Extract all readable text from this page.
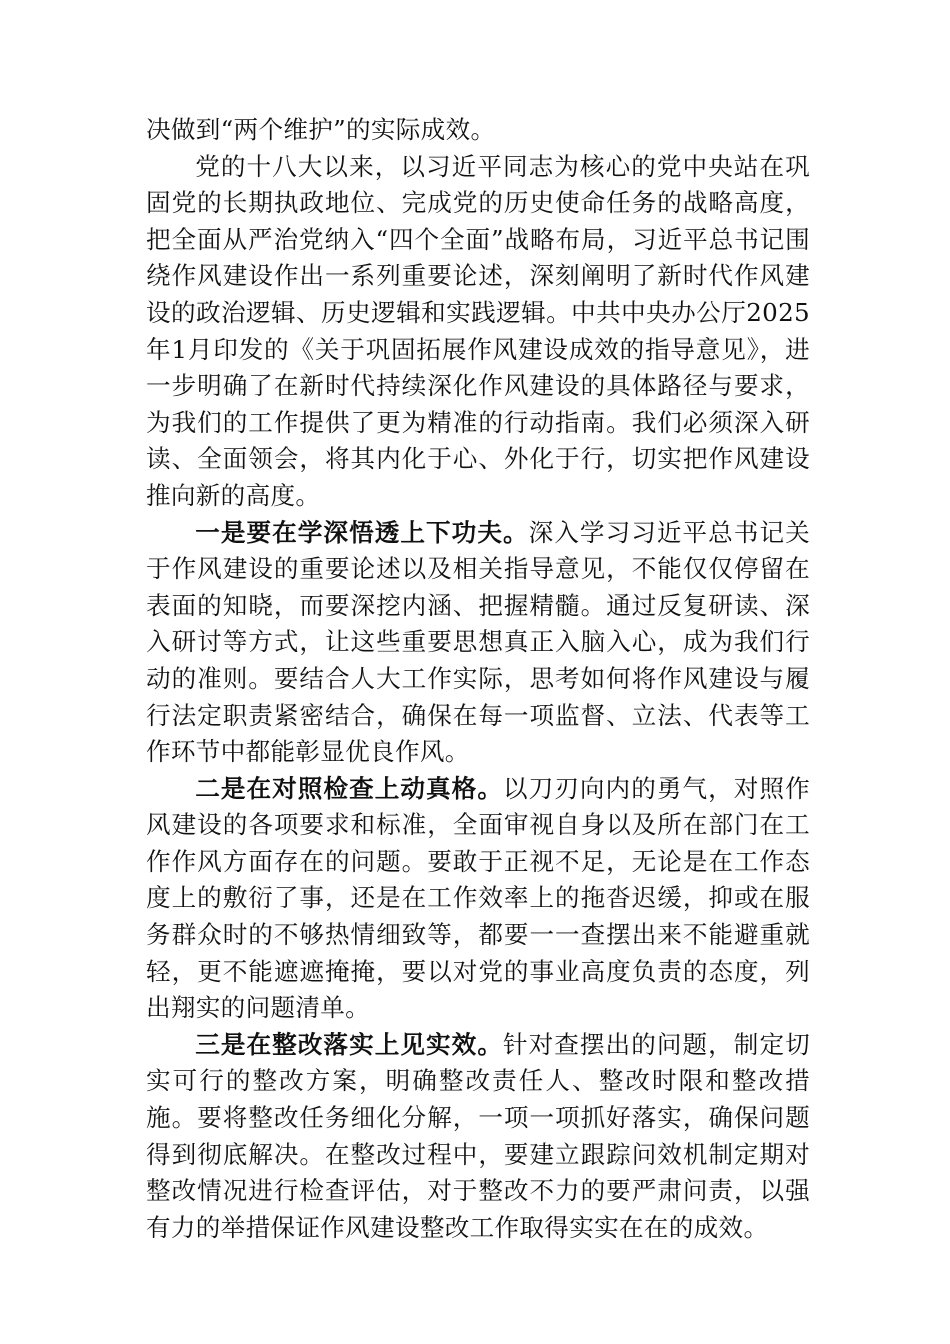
决做到“两个维护”的实际成效。

党的十八大以来，以习近平同志为核心的党中央站在巩固党的长期执政地位、完成党的历史使命任务的战略高度，把全面从严治党纳入“四个全面”战略布局，习近平总书记围绕作风建设作出一系列重要论述，深刻阐明了新时代作风建设的政治逻辑、历史逻辑和实践逻辑。中共中央办公厅2025年1月印发的《关于巩固拓展作风建设成效的指导意见》，进一步明确了在新时代持续深化作风建设的具体路径与要求，为我们的工作提供了更为精准的行动指南。我们必须深入研读、全面领会，将其内化于心、外化于行，切实把作风建设推向新的高度。

一是要在学深悟透上下功夫。深入学习习近平总书记关于作风建设的重要论述以及相关指导意见，不能仅仅停留在表面的知晓，而要深挖内涵、把握精髓。通过反复研读、深入研讨等方式，让这些重要思想真正入脑入心，成为我们行动的准则。要结合人大工作实际，思考如何将作风建设与履行法定职责紧密结合，确保在每一项监督、立法、代表等工作环节中都能彰显优良作风。

二是在对照检查上动真格。以刀刃向内的勇气，对照作风建设的各项要求和标准，全面审视自身以及所在部门在工作作风方面存在的问题。要敢于正视不足，无论是在工作态度上的敷衍了事，还是在工作效率上的拖沓迟缓，抑或在服务群众时的不够热情细致等，都要一一查摆出来不能避重就轻，更不能遮遮掩掩，要以对党的事业高度负责的态度，列出翔实的问题清单。

三是在整改落实上见实效。针对查摆出的问题，制定切实可行的整改方案，明确整改责任人、整改时限和整改措施。要将整改任务细化分解，一项一项抓好落实，确保问题得到彻底解决。在整改过程中，要建立跟踪问效机制定期对整改情况进行检查评估，对于整改不力的要严肃问责，以强有力的举措保证作风建设整改工作取得实实在在的成效。
